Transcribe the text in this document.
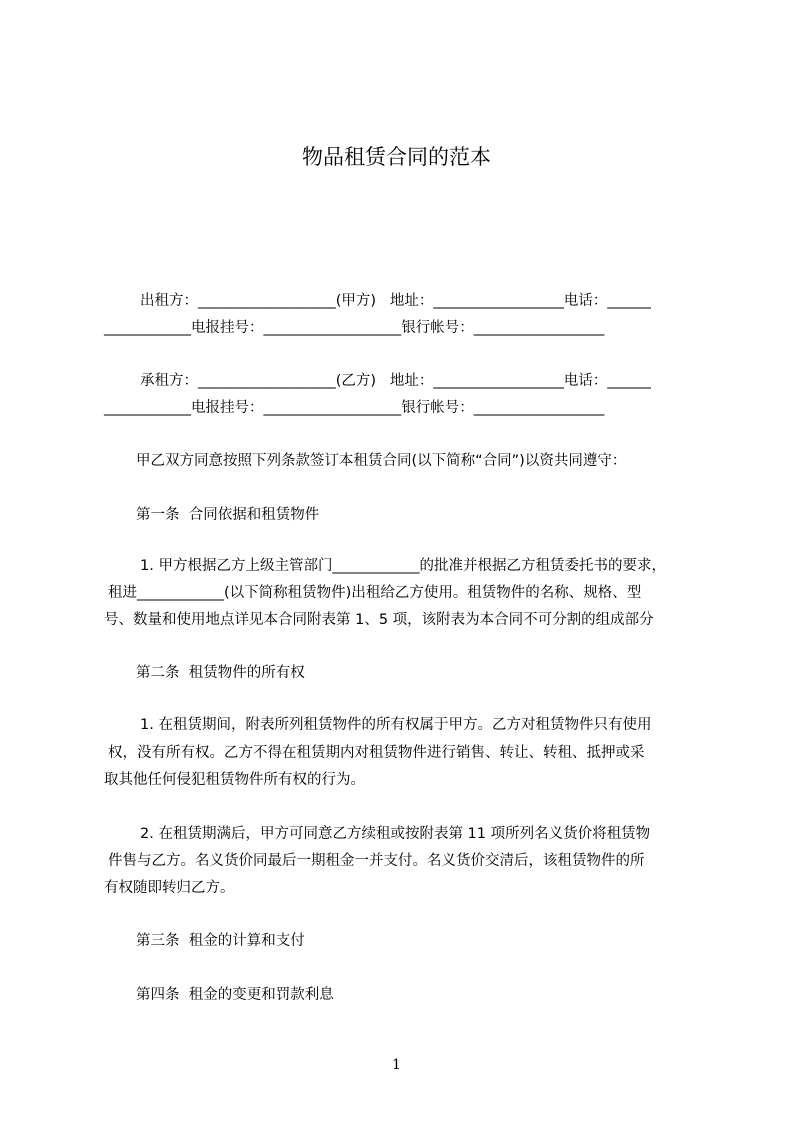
物品租赁合同的范本

出租方：___________________(甲方)   地址：__________________电话：______

____________电报挂号：___________________银行帐号：__________________

承租方：___________________(乙方)   地址：__________________电话：______

____________电报挂号：___________________银行帐号：__________________

甲乙双方同意按照下列条款签订本租赁合同(以下简称“合同”)以资共同遵守：

第一条  合同依据和租赁物件

1. 甲方根据乙方上级主管部门____________的批准并根据乙方租赁委托书的要求，

租进____________(以下简称租赁物件)出租给乙方使用。租赁物件的名称、规格、型

号、数量和使用地点详见本合同附表第 1、5 项，该附表为本合同不可分割的组成部分

第二条  租赁物件的所有权

1. 在租赁期间，附表所列租赁物件的所有权属于甲方。乙方对租赁物件只有使用

权，没有所有权。乙方不得在租赁期内对租赁物件进行销售、转让、转租、抵押或采

取其他任何侵犯租赁物件所有权的行为。

2. 在租赁期满后，甲方可同意乙方续租或按附表第 11 项所列名义货价将租赁物

件售与乙方。名义货价同最后一期租金一并支付。名义货价交清后，该租赁物件的所

有权随即转归乙方。

第三条  租金的计算和支付

第四条  租金的变更和罚款利息

1
